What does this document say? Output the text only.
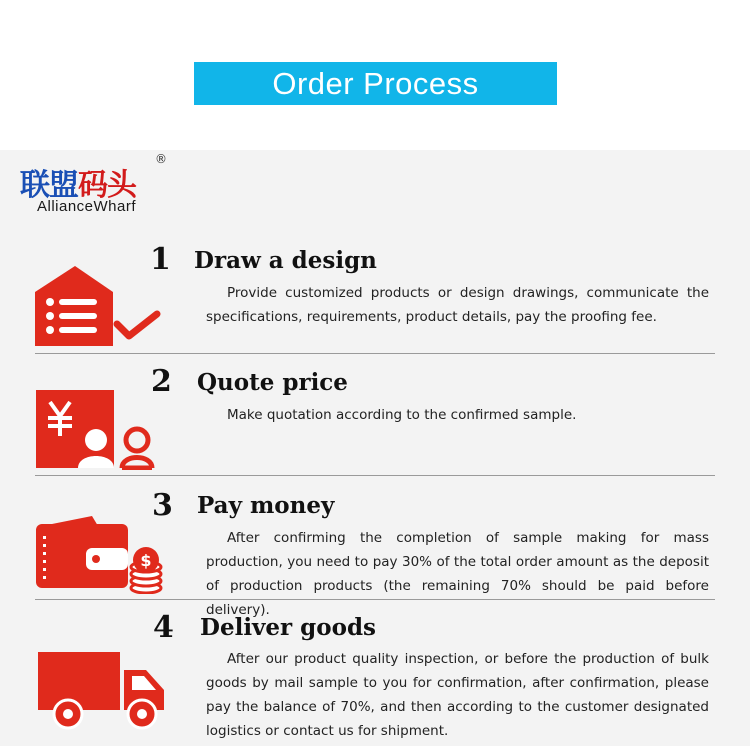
Order Process
联盟码头
AllianceWharf
®
1 Draw a design
Provide customized products or design drawings, communicate the specifications, requirements, product details, pay the proofing fee.
2 Quote price
Make quotation according to the confirmed sample.
$
3 Pay money
After confirming the completion of sample making for mass production, you need to pay 30% of the total order amount as the deposit of production products (the remaining 70% should be paid before delivery).
4 Deliver goods
After our product quality inspection, or before the production of bulk goods by mail sample to you for confirmation, after confirmation, please pay the balance of 70%, and then according to the customer designated logistics or contact us for shipment.
